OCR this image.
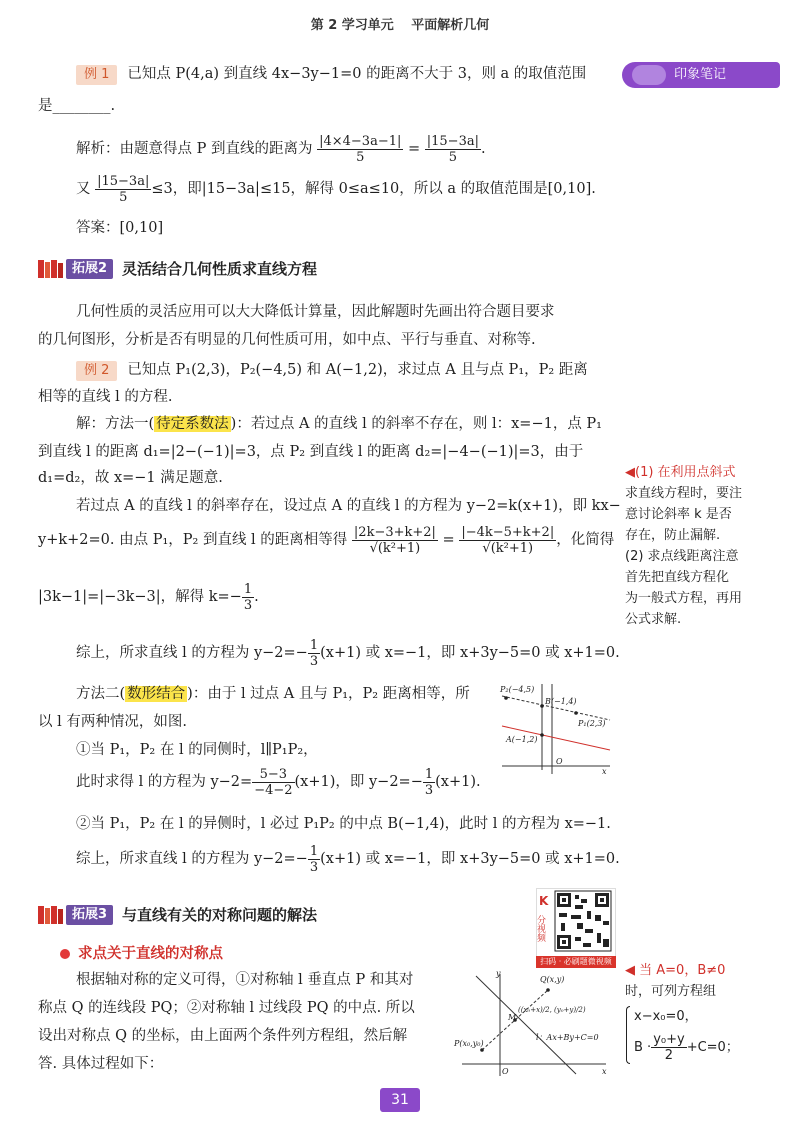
第 2 学习单元　 平面解析几何
印象笔记
例 1 已知点 P(4,a) 到直线 4x−3y−1=0 的距离不大于 3，则 a 的取值范围
是________.
解析：由题意得点 P 到直线的距离为 $\frac{|4\times 4-3a-1|}{5} = \frac{|15-3a|}{5}$ .
又 $\frac{|15-3a|}{5} \le 3$，即|15−3a|≤15，解得 0≤a≤10，所以 a 的取值范围是[0,10].
答案：[0,10]
拓展2 灵活结合几何性质求直线方程
几何性质的灵活应用可以大大降低计算量，因此解题时先画出符合题目要求
的几何图形，分析是否有明显的几何性质可用，如中点、平行与垂直、对称等.
例 2 已知点 P₁(2,3)，P₂(−4,5) 和 A(−1,2)，求过点 A 且与点 P₁，P₂ 距离
相等的直线 l 的方程.
解：方法一( 待定系数法 )：若过点 A 的直线 l 的斜率不存在，则 l：x=−1，点 P₁
到直线 l 的距离 d₁=|2−(−1)|=3，点 P₂ 到直线 l 的距离 d₂=|−4−(−1)|=3，由于
d₁=d₂，故 x=−1 满足题意.
若过点 A 的直线 l 的斜率存在，设过点 A 的直线 l 的方程为 y−2=k(x+1)，即 kx−
y+k+2=0. 由点 P₁，P₂ 到直线 l 的距离相等得 $\frac{|2k-3+k+2|}{\text{√(k²+1)}} = \frac{|-4k-5+k+2|}{\text{√(k²+1)}}$ ，化简得
|3k−1|=|−3k−3|，解得 $k=- \frac{1}{3}$ .
综上，所求直线 l 的方程为 $y-2=- \frac{1}{3} (x+1)$ 或 x=−1，即 x+3y−5=0 或 x+1=0.
方法二( 数形结合 )：由于 l 过点 A 且与 P₁，P₂ 距离相等，所
以 l 有两种情况，如图.
①当 P₁，P₂ 在 l 的同侧时，l∥P₁P₂，
此时求得 l 的方程为 $y-2= \frac{5-3}{-4-2} (x+1)$，即 $y-2=- \frac{1}{3} (x+1)$.
②当 P₁，P₂ 在 l 的异侧时，l 必过 P₁P₂ 的中点 B(−1,4)，此时 l 的方程为 x=−1.
综上，所求直线 l 的方程为 $y-2=- \frac{1}{3} (x+1)$ 或 x=−1，即 x+3y−5=0 或 x+1=0.
P₂(−4,5)
B(−1,4)
P₁(2,3)
A(−1,2)
O
x
◀(1) 在利用点斜式
求直线方程时，要注
意讨论斜率 k 是否
存在，防止漏解.
(2) 求点线距离注意
首先把直线方程化
为一般式方程，再用
公式求解.
拓展3 与直线有关的对称问题的解法
K
分视频
扫码 · 必刷题微视频
求点关于直线的对称点
根据轴对称的定义可得，①对称轴 l 垂直点 P 和其对
称点 Q 的连线段 PQ；②对称轴 l 过线段 PQ 的中点. 所以
设出对称点 Q 的坐标，由上面两个条件列方程组，然后解
答. 具体过程如下：
y
Q(x,y)
M
((x₀+x)/2, (y₀+y)/2)
P(x₀,y₀)
l：Ax+By+C=0
O	x
◀ 当 A=0，B≠0
时，可列方程组
x−x₀=0，
$B \cdot \frac{\text{y₀+y}}{2} +C=0$；
31
